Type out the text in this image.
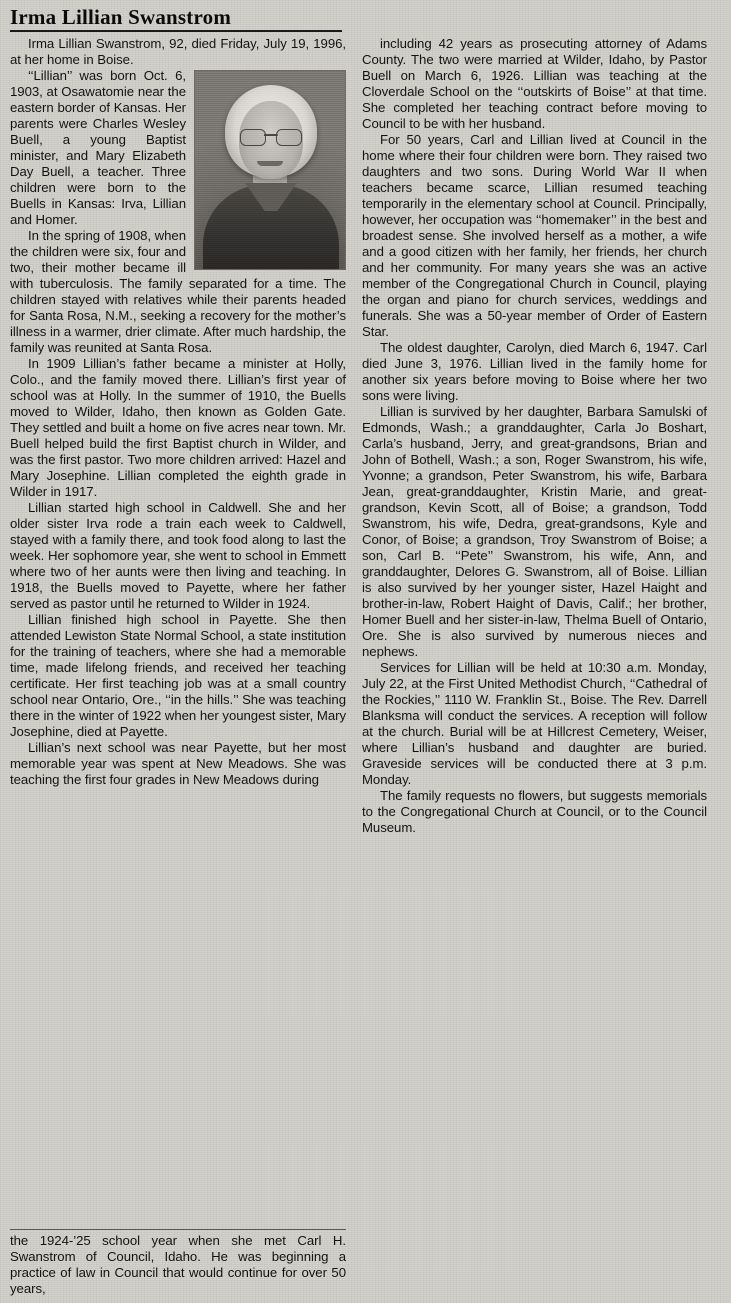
Irma Lillian Swanstrom

Irma Lillian Swanstrom, 92, died Friday, July 19, 1996, at her home in Boise.

‘‘Lillian’’ was born Oct. 6, 1903, at Osawatomie near the eastern border of Kansas. Her parents were Charles Wesley Buell, a young Baptist minister, and Mary Elizabeth Day Buell, a teacher. Three children were born to the Buells in Kansas: Irva, Lillian and Homer.

In the spring of 1908, when the children were six, four and two, their mother became ill with tuberculosis. The family separated for a time. The children stayed with relatives while their parents headed for Santa Rosa, N.M., seeking a recovery for the mother’s illness in a warmer, drier climate. After much hardship, the family was reunited at Santa Rosa.

In 1909 Lillian’s father became a minister at Holly, Colo., and the family moved there. Lillian’s first year of school was at Holly. In the summer of 1910, the Buells moved to Wilder, Idaho, then known as Golden Gate. They settled and built a home on five acres near town. Mr. Buell helped build the first Baptist church in Wilder, and was the first pastor. Two more children arrived: Hazel and Mary Josephine. Lillian completed the eighth grade in Wilder in 1917.

Lillian started high school in Caldwell. She and her older sister Irva rode a train each week to Caldwell, stayed with a family there, and took food along to last the week. Her sophomore year, she went to school in Emmett where two of her aunts were then living and teaching. In 1918, the Buells moved to Payette, where her father served as pastor until he returned to Wilder in 1924.

Lillian finished high school in Payette. She then attended Lewiston State Normal School, a state institution for the training of teachers, where she had a memorable time, made lifelong friends, and received her teaching certificate. Her first teaching job was at a small country school near Ontario, Ore., ‘‘in the hills.’’ She was teaching there in the winter of 1922 when her youngest sister, Mary Josephine, died at Payette.

Lillian’s next school was near Payette, but her most memorable year was spent at New Meadows. She was teaching the first four grades in New Meadows during

including 42 years as prosecuting attorney of Adams County. The two were married at Wilder, Idaho, by Pastor Buell on March 6, 1926. Lillian was teaching at the Cloverdale School on the ‘‘outskirts of Boise’’ at that time. She completed her teaching contract before moving to Council to be with her husband.

For 50 years, Carl and Lillian lived at Council in the home where their four children were born. They raised two daughters and two sons. During World War II when teachers became scarce, Lillian resumed teaching temporarily in the elementary school at Council. Principally, however, her occupation was ‘‘homemaker’’ in the best and broadest sense. She involved herself as a mother, a wife and a good citizen with her family, her friends, her church and her community. For many years she was an active member of the Congregational Church in Council, playing the organ and piano for church services, weddings and funerals. She was a 50-year member of Order of Eastern Star.

The oldest daughter, Carolyn, died March 6, 1947. Carl died June 3, 1976. Lillian lived in the family home for another six years before moving to Boise where her two sons were living.

Lillian is survived by her daughter, Barbara Samulski of Edmonds, Wash.; a granddaughter, Carla Jo Boshart, Carla’s husband, Jerry, and great-grandsons, Brian and John of Bothell, Wash.; a son, Roger Swanstrom, his wife, Yvonne; a grandson, Peter Swanstrom, his wife, Barbara Jean, great-granddaughter, Kristin Marie, and great-grandson, Kevin Scott, all of Boise; a grandson, Todd Swanstrom, his wife, Dedra, great-grandsons, Kyle and Conor, of Boise; a grandson, Troy Swanstrom of Boise; a son, Carl B. ‘‘Pete’’ Swanstrom, his wife, Ann, and granddaughter, Delores G. Swanstrom, all of Boise. Lillian is also survived by her younger sister, Hazel Haight and brother-in-law, Robert Haight of Davis, Calif.; her brother, Homer Buell and her sister-in-law, Thelma Buell of Ontario, Ore. She is also survived by numerous nieces and nephews.

Services for Lillian will be held at 10:30 a.m. Monday, July 22, at the First United Methodist Church, ‘‘Cathedral of the Rockies,’’ 1110 W. Franklin St., Boise. The Rev. Darrell Blanksma will conduct the services. A reception will follow at the church. Burial will be at Hillcrest Cemetery, Weiser, where Lillian’s husband and daughter are buried. Graveside services will be conducted there at 3 p.m. Monday.

The family requests no flowers, but suggests memorials to the Congregational Church at Council, or to the Council Museum.

the 1924-’25 school year when she met Carl H. Swanstrom of Council, Idaho. He was beginning a practice of law in Council that would continue for over 50 years,
